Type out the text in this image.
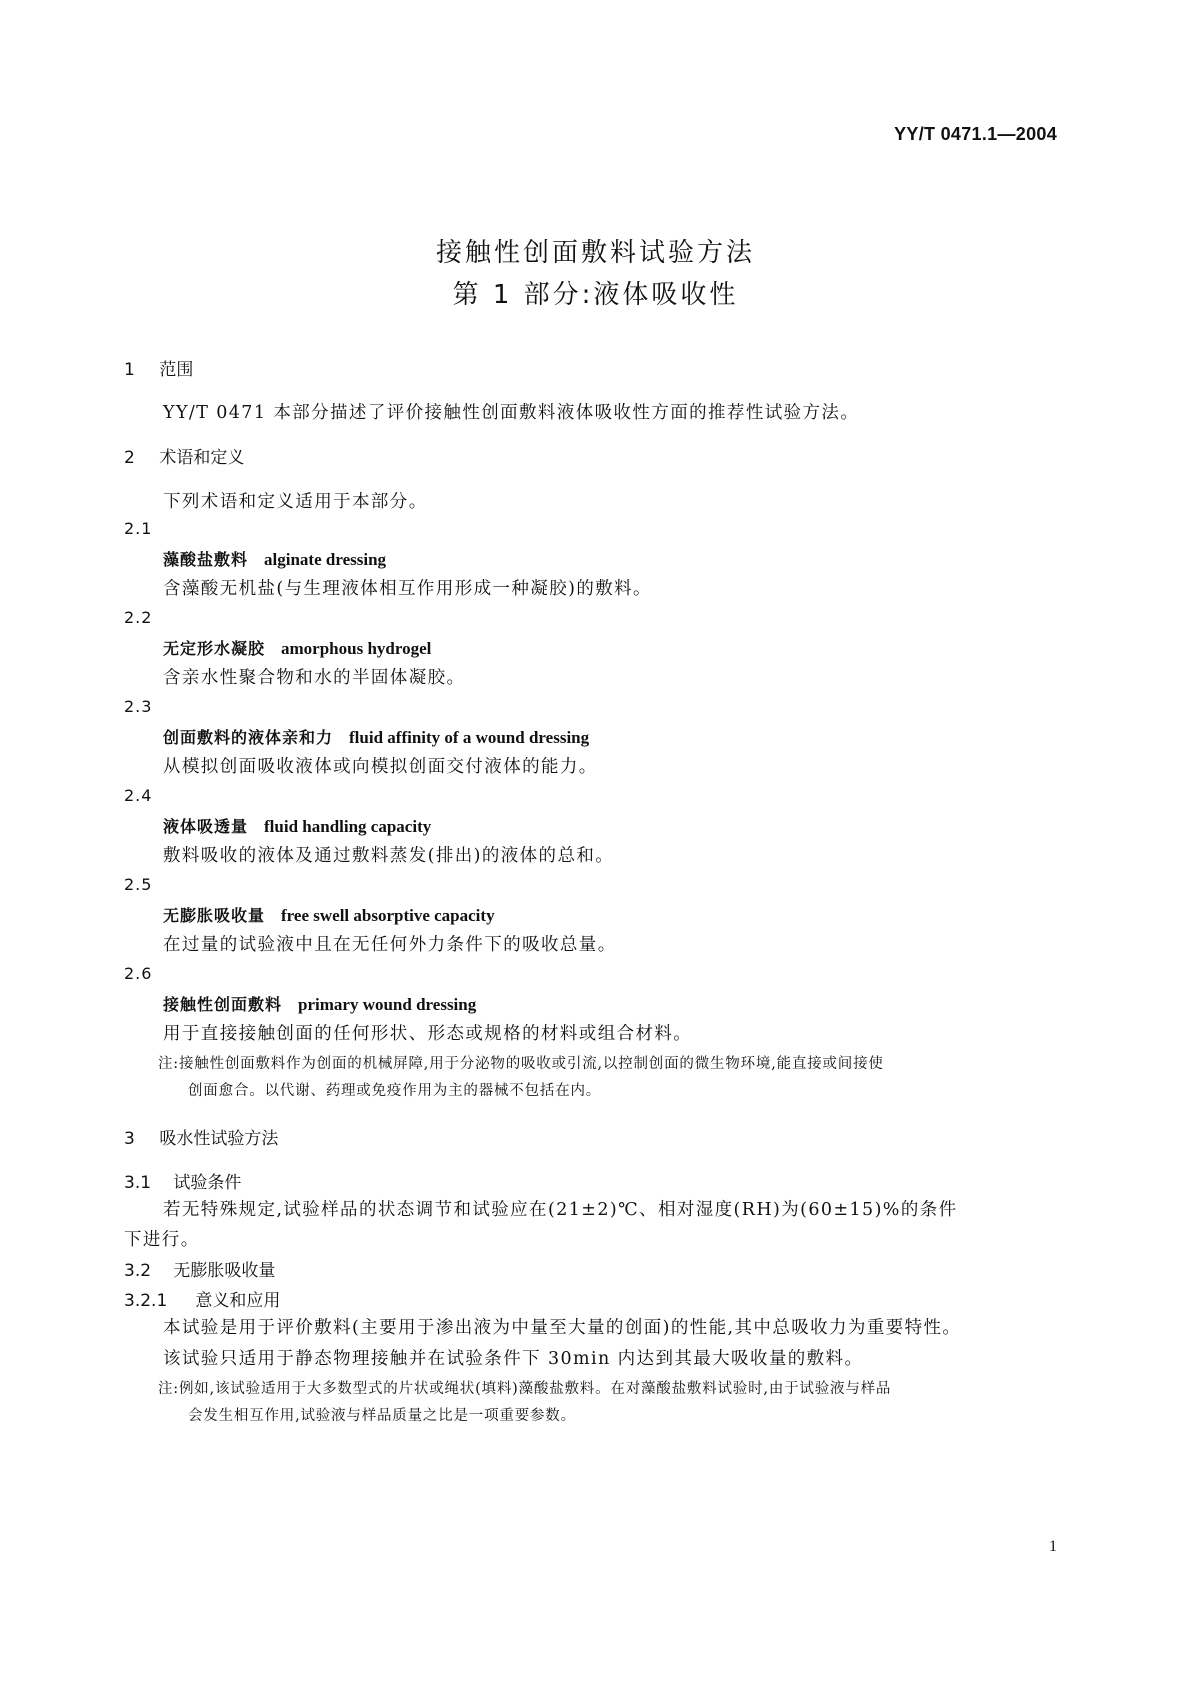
YY/T 0471.1—2004
接触性创面敷料试验方法
第 1 部分:液体吸收性
1 范围
YY/T 0471 本部分描述了评价接触性创面敷料液体吸收性方面的推荐性试验方法。
2 术语和定义
下列术语和定义适用于本部分。
2.1
藻酸盐敷料 alginate dressing
含藻酸无机盐(与生理液体相互作用形成一种凝胶)的敷料。
2.2
无定形水凝胶 amorphous hydrogel
含亲水性聚合物和水的半固体凝胶。
2.3
创面敷料的液体亲和力 fluid affinity of a wound dressing
从模拟创面吸收液体或向模拟创面交付液体的能力。
2.4
液体吸透量 fluid handling capacity
敷料吸收的液体及通过敷料蒸发(排出)的液体的总和。
2.5
无膨胀吸收量 free swell absorptive capacity
在过量的试验液中且在无任何外力条件下的吸收总量。
2.6
接触性创面敷料 primary wound dressing
用于直接接触创面的任何形状、形态或规格的材料或组合材料。
注:接触性创面敷料作为创面的机械屏障,用于分泌物的吸收或引流,以控制创面的微生物环境,能直接或间接使
创面愈合。以代谢、药理或免疫作用为主的器械不包括在内。
3 吸水性试验方法
3.1 试验条件
若无特殊规定,试验样品的状态调节和试验应在(21±2)℃、相对湿度(RH)为(60±15)%的条件
下进行。
3.2 无膨胀吸收量
3.2.1 意义和应用
本试验是用于评价敷料(主要用于渗出液为中量至大量的创面)的性能,其中总吸收力为重要特性。
该试验只适用于静态物理接触并在试验条件下 30min 内达到其最大吸收量的敷料。
注:例如,该试验适用于大多数型式的片状或绳状(填料)藻酸盐敷料。在对藻酸盐敷料试验时,由于试验液与样品
会发生相互作用,试验液与样品质量之比是一项重要参数。
1
